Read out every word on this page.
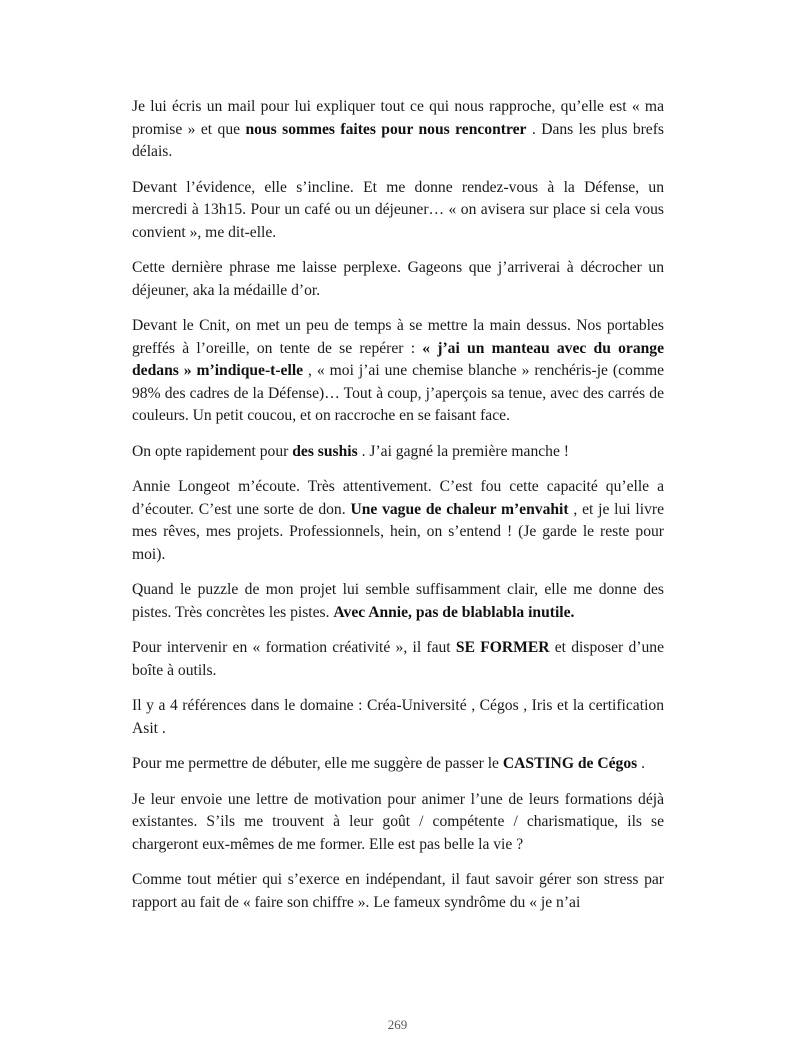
Je lui écris un mail pour lui expliquer tout ce qui nous rapproche, qu’elle est « ma promise » et que nous sommes faites pour nous rencontrer . Dans les plus brefs délais.

Devant l’évidence, elle s’incline. Et me donne rendez-vous à la Défense, un mercredi à 13h15. Pour un café ou un déjeuner… « on avisera sur place si cela vous convient », me dit-elle.

Cette dernière phrase me laisse perplexe. Gageons que j’arriverai à décrocher un déjeuner, aka la médaille d’or.

Devant le Cnit, on met un peu de temps à se mettre la main dessus. Nos portables greffés à l’oreille, on tente de se repérer : « j’ai un manteau avec du orange dedans » m’indique-t-elle , « moi j’ai une chemise blanche » renchéris-je (comme 98% des cadres de la Défense)… Tout à coup, j’aperçois sa tenue, avec des carrés de couleurs. Un petit coucou, et on raccroche en se faisant face.

On opte rapidement pour des sushis . J’ai gagné la première manche !

Annie Longeot m’écoute. Très attentivement. C’est fou cette capacité qu’elle a d’écouter. C’est une sorte de don. Une vague de chaleur m’envahit , et je lui livre mes rêves, mes projets. Professionnels, hein, on s’entend ! (Je garde le reste pour moi).

Quand le puzzle de mon projet lui semble suffisamment clair, elle me donne des pistes. Très concrètes les pistes. Avec Annie, pas de blablabla inutile.

Pour intervenir en « formation créativité », il faut SE FORMER et disposer d’une boîte à outils.

Il y a 4 références dans le domaine : Créa-Université , Cégos , Iris et la certification Asit .

Pour me permettre de débuter, elle me suggère de passer le CASTING de Cégos .

Je leur envoie une lettre de motivation pour animer l’une de leurs formations déjà existantes. S’ils me trouvent à leur goût / compétente / charismatique, ils se chargeront eux-mêmes de me former. Elle est pas belle la vie ?

Comme tout métier qui s’exerce en indépendant, il faut savoir gérer son stress par rapport au fait de « faire son chiffre ». Le fameux syndrôme du « je n’ai

269
